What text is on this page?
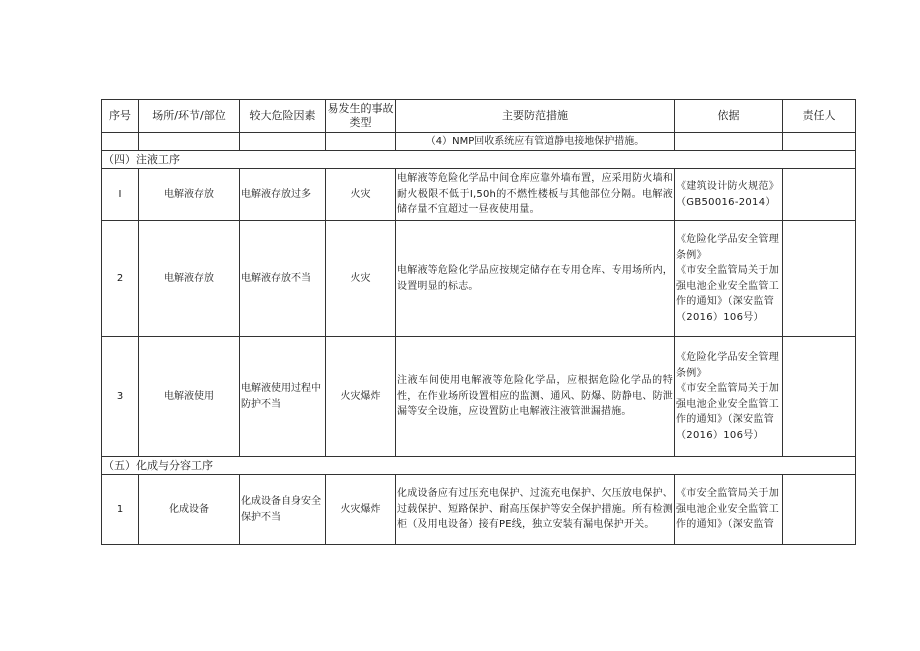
序号	场所/环节/部位	较大危险因素	易发生的事故类型	主要防范措施	依据	责任人
				（4）NMP回收系统应有管道静电接地保护措施。		
（四）注液工序						
I	电解液存放	电解液存放过多	火灾	电解液等危险化学品中间仓库应靠外墙布置，应采用防火墙和耐火极限不低于I,50h的不燃性楼板与其他部位分隔。电解液储存量不宜超过一昼夜使用量。	《建筑设计防火规范》（GB50016-2014）	

2	电解液存放	电解液存放不当	火灾	电解液等危险化学品应按规定储存在专用仓库、专用场所内，设置明显的标志。	《危险化学品安全管理条例》
《市安全监管局关于加强电池企业安全监管工作的通知》（深安监管（2016）106号）	

3	电解液使用	电解液使用过程中防护不当	火灾爆炸	注液车间使用电解液等危险化学品，应根据危险化学品的特性，在作业场所设置相应的监测、通风、防爆、防静电、防泄漏等安全设施，应设置防止电解液注液管泄漏措施。	《危险化学品安全管理条例》
《市安全监管局关于加强电池企业安全监管工作的通知》（深安监管（2016）106号）	

（五）化成与分容工序						
1	化成设备	化成设备自身安全保护不当	火灾爆炸	化成设备应有过压充电保护、过流充电保护、欠压放电保护、过载保护、短路保护、耐高压保护等安全保护措施。所有检测柜（及用电设备）接有PE线，独立安装有漏电保护开关。	《市安全监管局关于加强电池企业安全监管工作的通知》（深安监管	
